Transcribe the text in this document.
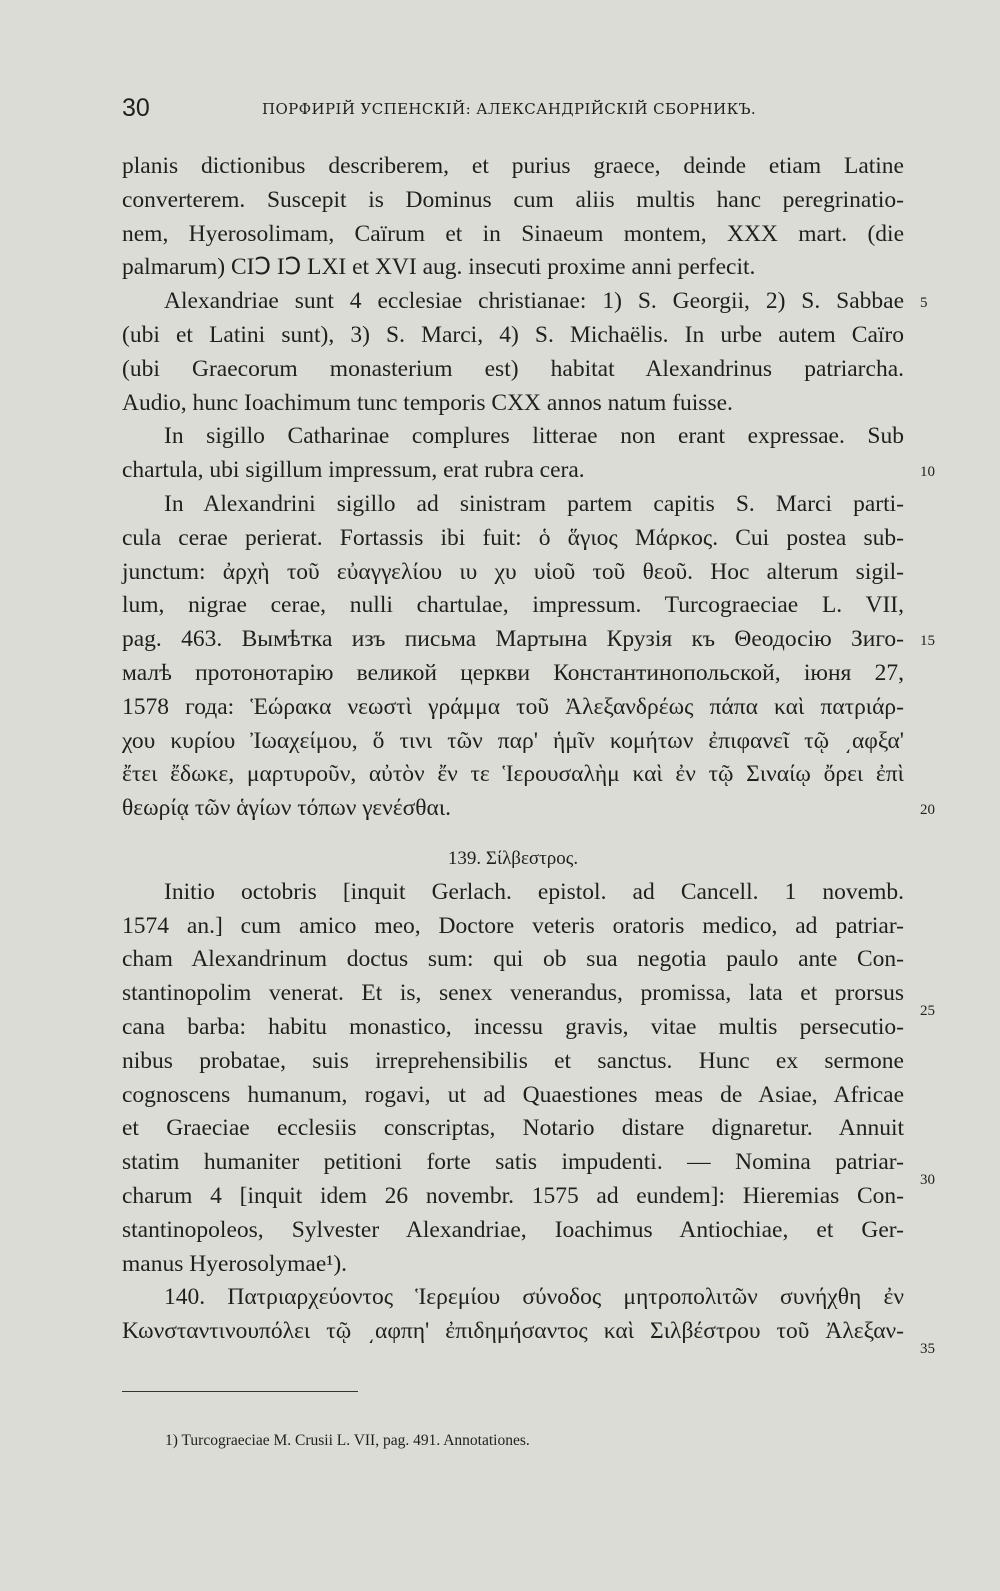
30	ПОРФИРІЙ УСПЕНСКІЙ: АЛЕКСАНДРІЙСКІЙ СБОРНИКЪ.
planis dictionibus describerem, et purius graece, deinde etiam Latine
converterem. Suscepit is Dominus cum aliis multis hanc peregrinatio-
nem, Hyerosolimam, Caïrum et in Sinaeum montem, XXX mart. (die
palmarum) CIↃ IↃ LXI et XVI aug. insecuti proxime anni perfecit.
Alexandriae sunt 4 ecclesiae christianae: 1) S. Georgii, 2) S. Sabbae
(ubi et Latini sunt), 3) S. Marci, 4) S. Michaëlis. In urbe autem Caïro
(ubi Graecorum monasterium est) habitat Alexandrinus patriarcha.
Audio, hunc Ioachimum tunc temporis CXX annos natum fuisse.
In sigillo Catharinae complures litterae non erant expressae. Sub
chartula, ubi sigillum impressum, erat rubra cera.
In Alexandrini sigillo ad sinistram partem capitis S. Marci parti-
cula cerae perierat. Fortassis ibi fuit: ὁ ἅγιος Μάρκος. Cui postea sub-
junctum: ἀρχὴ τοῦ εὐαγγελίου ιυ χυ υἱοῦ τοῦ θεοῦ. Hoc alterum sigil-
lum, nigrae cerae, nulli chartulae, impressum. Turcograeciae L. VII,
pag. 463. Вымѣтка изъ письма Мартына Крузія къ Θеодосію Зиго-
малѣ протонотарію великой церкви Константинопольской, іюня 27,
1578 года: Ἑώρακα νεωστὶ γράμμα τοῦ Ἀλεξανδρέως πάπα καὶ πατριάρ-
χου κυρίου Ἰωαχείμου, ὅ τινι τῶν παρ' ἡμῖν κομήτων ἐπιφανεῖ τῷ ͵αφξα'
ἔτει ἔδωκε, μαρτυροῦν, αὐτὸν ἔν τε Ἱερουσαλὴμ καὶ ἐν τῷ Σιναίῳ ὄρει ἐπὶ
θεωρίᾳ τῶν ἁγίων τόπων γενέσθαι.
139. Σίλβεστρος.
Initio octobris [inquit Gerlach. epistol. ad Cancell. 1 novemb.
1574 an.] cum amico meo, Doctore veteris oratoris medico, ad patriar-
cham Alexandrinum doctus sum: qui ob sua negotia paulo ante Con-
stantinopolim venerat. Et is, senex venerandus, promissa, lata et prorsus
cana barba: habitu monastico, incessu gravis, vitae multis persecutio-
nibus probatae, suis irreprehensibilis et sanctus. Hunc ex sermone
cognoscens humanum, rogavi, ut ad Quaestiones meas de Asiae, Africae
et Graeciae ecclesiis conscriptas, Notario distare dignaretur. Annuit
statim humaniter petitioni forte satis impudenti. — Nomina patriar-
charum 4 [inquit idem 26 novembr. 1575 ad eundem]: Hieremias Con-
stantinopoleos, Sylvester Alexandriae, Ioachimus Antiochiae, et Ger-
manus Hyerosolymae¹).
140. Πατριαρχεύοντος Ἱερεμίου σύνοδος μητροπολιτῶν συνήχθη ἐν
Κωνσταντινουπόλει τῷ ͵αφπη' ἐπιδημήσαντος καὶ Σιλβέστρου τοῦ Ἀλεξαν-
5
10
15
20
25
30
35
1) Turcograeciae M. Crusii L. VII, pag. 491. Annotationes.
